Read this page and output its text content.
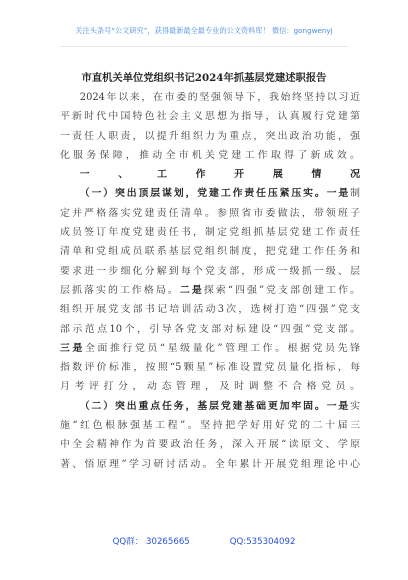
关注头条号“公文研究”，获得最新最全最专业的公文资料库！ 微信：gongwenyj
市直机关单位党组织书记2024年抓基层党建述职报告

2024年以来，在市委的坚强领导下，我始终坚持以习近

平新时代中国特色社会主义思想为指导，认真履行党建第

一责任人职责，以提升组织力为重点，突出政治功能，强

化服务保障，推动全市机关党建工作取得了新成效。

一、工作开展情况

（一）突出顶层谋划，党建工作责任压紧压实。一是制

定并严格落实党建责任清单。参照省市委做法，带领班子

成员签订年度党建责任书，制定党组抓基层党建工作责任

清单和党组成员联系基层党组织制度，把党建工作任务和

要求进一步细化分解到每个党支部，形成一级抓一级、层

层抓落实的工作格局。二是探索“四强”党支部创建工作。

组织开展党支部书记培训活动3次，选树打造“四强”党支

部示范点10个，引导各党支部对标建设“四强”党支部。

三是全面推行党员“星级量化”管理工作。根据党员先锋

指数评价标准，按照“5颗星”标准设置党员量化指标，每

月考评打分，动态管理，及时调整不合格党员。

（二）突出重点任务，基层党建基础更加牢固。一是实

施“红色根脉强基工程”。坚持把学好用好党的二十届三

中全会精神作为首要政治任务，深入开展“读原文、学原

著、悟原理”学习研讨活动。全年累计开展党组理论中心

QQ群： 30265665	QQ:535304092
